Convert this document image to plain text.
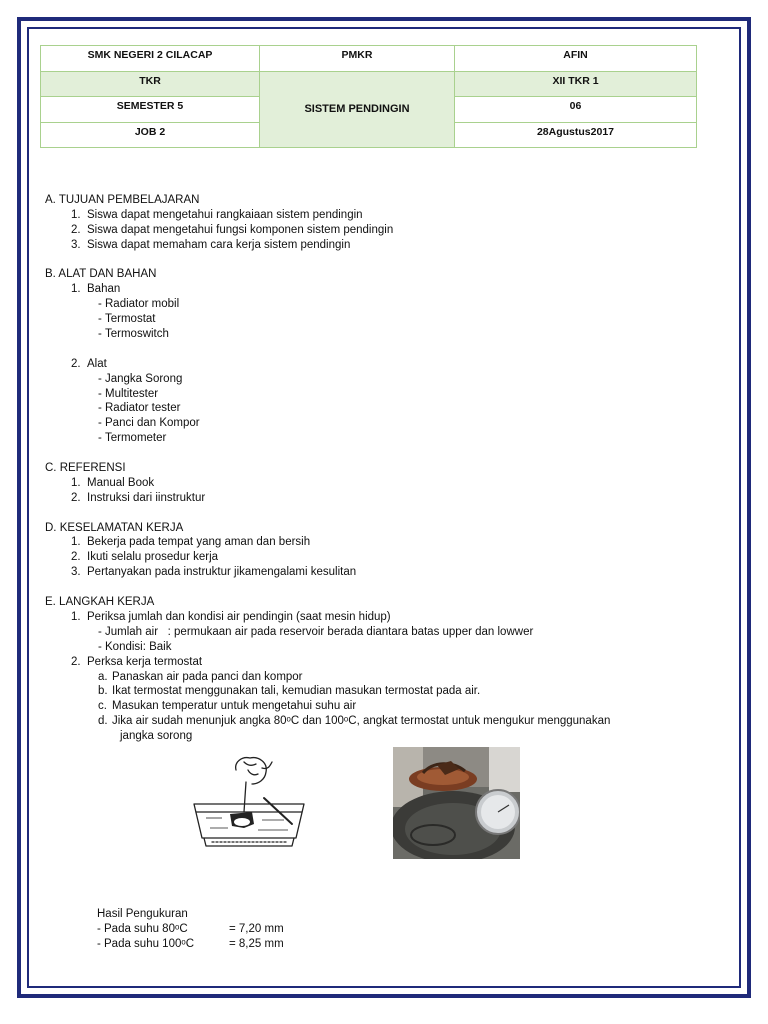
SMK NEGERI 2 CILACAP	PMKR	AFIN
TKR	SISTEM PENDINGIN	XII TKR 1
SEMESTER 5		06
JOB 2		28Agustus2017
A. TUJUAN PEMBELAJARAN
1. Siswa dapat mengetahui rangkaiaan sistem pendingin
2. Siswa dapat mengetahui fungsi komponen sistem pendingin
3. Siswa dapat memaham cara kerja sistem pendingin
B. ALAT DAN BAHAN
1. Bahan
- Radiator mobil
- Termostat
- Termoswitch
2. Alat
- Jangka Sorong
- Multitester
- Radiator tester
- Panci dan Kompor
- Termometer
C. REFERENSI
1. Manual Book
2. Instruksi dari iinstruktur
D. KESELAMATAN KERJA
1. Bekerja pada tempat yang aman dan bersih
2. Ikuti selalu prosedur kerja
3. Pertanyakan pada instruktur jikamengalami kesulitan
E. LANGKAH KERJA
1. Periksa jumlah dan kondisi air pendingin (saat mesin hidup)
- Jumlah air   : permukaan air pada reservoir berada diantara batas upper dan lowwer
- Kondisi: Baik
2. Perksa kerja termostat
a. Panaskan air pada panci dan kompor
b. Ikat termostat menggunakan tali, kemudian masukan termostat pada air.
c. Masukan temperatur untuk mengetahui suhu air
d. Jika air sudah menunjuk angka 80ᵒC dan 100ᵒC, angkat termostat untuk mengukur menggunakan
jangka sorong
Hasil Pengukuran
- Pada suhu 80ᵒC	= 7,20 mm
- Pada suhu 100ᵒC	= 8,25 mm
